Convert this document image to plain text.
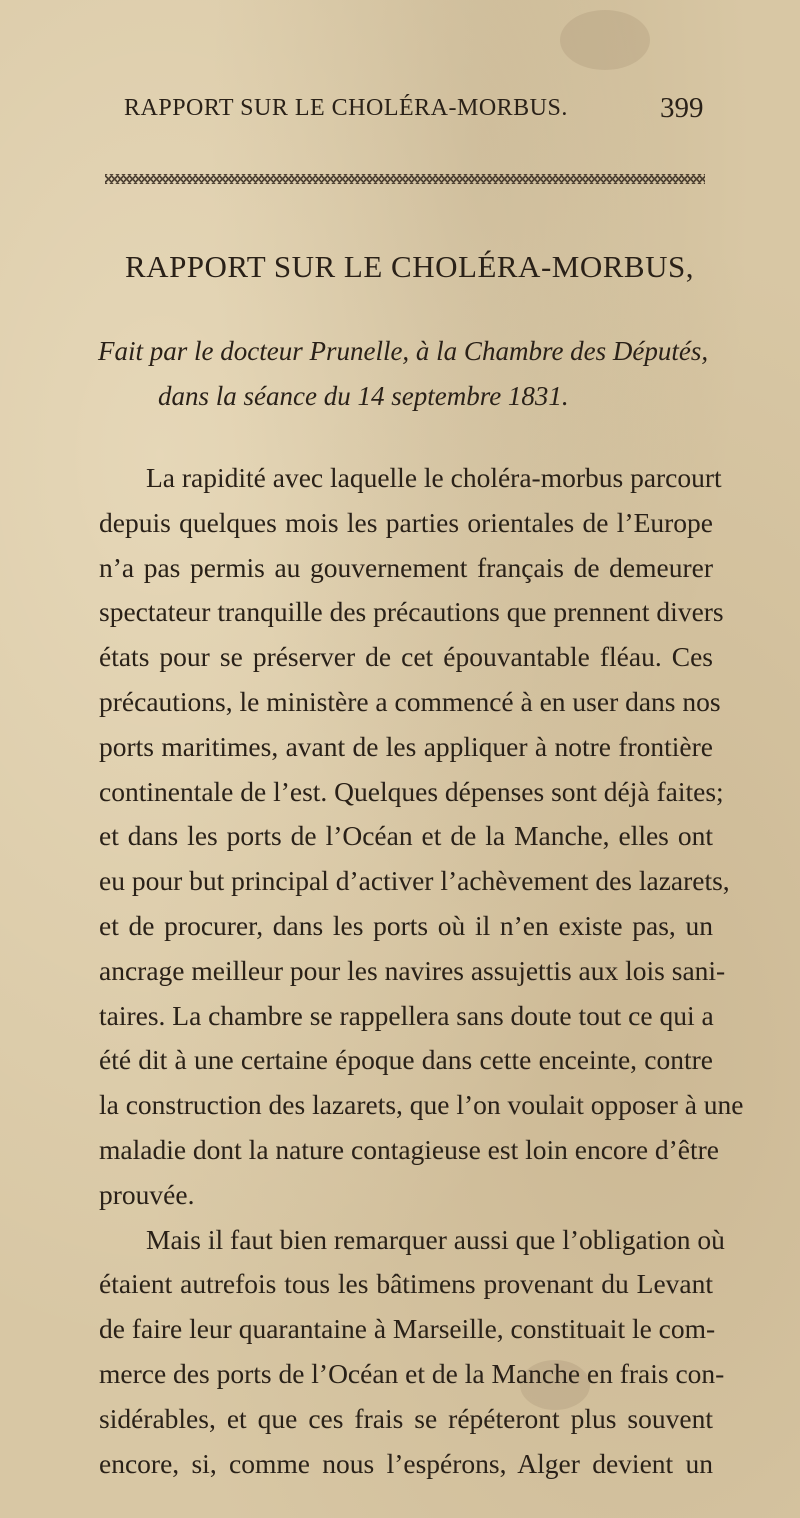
RAPPORT SUR LE CHOLÉRA-MORBUS.	399
RAPPORT SUR LE CHOLÉRA-MORBUS,
Fait par le docteur Prunelle, à la Chambre des Députés,
dans la séance du 14 septembre 1831.
La rapidité avec laquelle le choléra-morbus parcourt
depuis quelques mois les parties orientales de l’Europe
n’a pas permis au gouvernement français de demeurer
spectateur tranquille des précautions que prennent divers
états pour se préserver de cet épouvantable fléau. Ces
précautions, le ministère a commencé à en user dans nos
ports maritimes, avant de les appliquer à notre frontière
continentale de l’est. Quelques dépenses sont déjà faites;
et dans les ports de l’Océan et de la Manche, elles ont
eu pour but principal d’activer l’achèvement des lazarets,
et de procurer, dans les ports où il n’en existe pas, un
ancrage meilleur pour les navires assujettis aux lois sani-
taires. La chambre se rappellera sans doute tout ce qui a
été dit à une certaine époque dans cette enceinte, contre
la construction des lazarets, que l’on voulait opposer à une
maladie dont la nature contagieuse est loin encore d’être
prouvée.
Mais il faut bien remarquer aussi que l’obligation où
étaient autrefois tous les bâtimens provenant du Levant
de faire leur quarantaine à Marseille, constituait le com-
merce des ports de l’Océan et de la Manche en frais con-
sidérables, et que ces frais se répéteront plus souvent
encore, si, comme nous l’espérons, Alger devient un
